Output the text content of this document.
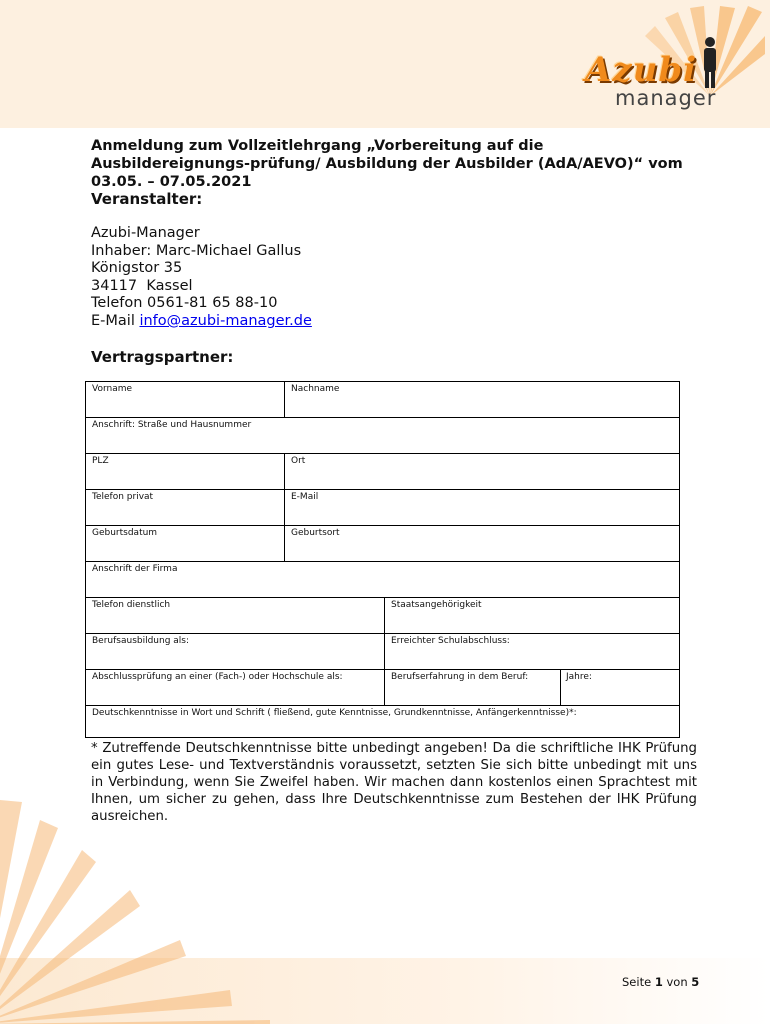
Azubi
manager
Anmeldung zum Vollzeitlehrgang „Vorbereitung auf die Ausbildereignungs-prüfung/ Ausbildung der Ausbilder (AdA/AEVO)“ vom 03.05. – 07.05.2021
Veranstalter:
Azubi-Manager
Inhaber: Marc-Michael Gallus
Königstor 35
34117  Kassel
Telefon 0561-81 65 88-10
E-Mail info@azubi-manager.de
Vertragspartner:
Vorname	Nachname
Anschrift: Straße und Hausnummer
PLZ	Ort
Telefon privat	E-Mail
Geburtsdatum	Geburtsort
Anschrift der Firma
Telefon dienstlich	Staatsangehörigkeit
Berufsausbildung als:	Erreichter Schulabschluss:
Abschlussprüfung an einer (Fach-) oder Hochschule als:	Berufserfahrung in dem Beruf:	Jahre:
Deutschkenntnisse in Wort und Schrift ( fließend, gute Kenntnisse, Grundkenntnisse, Anfängerkenntnisse)*:
* Zutreffende Deutschkenntnisse bitte unbedingt angeben! Da die schriftliche IHK Prüfung ein gutes Lese- und Textverständnis voraussetzt, setzten Sie sich bitte unbedingt mit uns in Verbindung, wenn Sie Zweifel haben. Wir machen dann kostenlos einen Sprachtest mit Ihnen, um sicher zu gehen, dass Ihre Deutschkenntnisse zum Bestehen der IHK Prüfung ausreichen.
Seite 1 von 5
